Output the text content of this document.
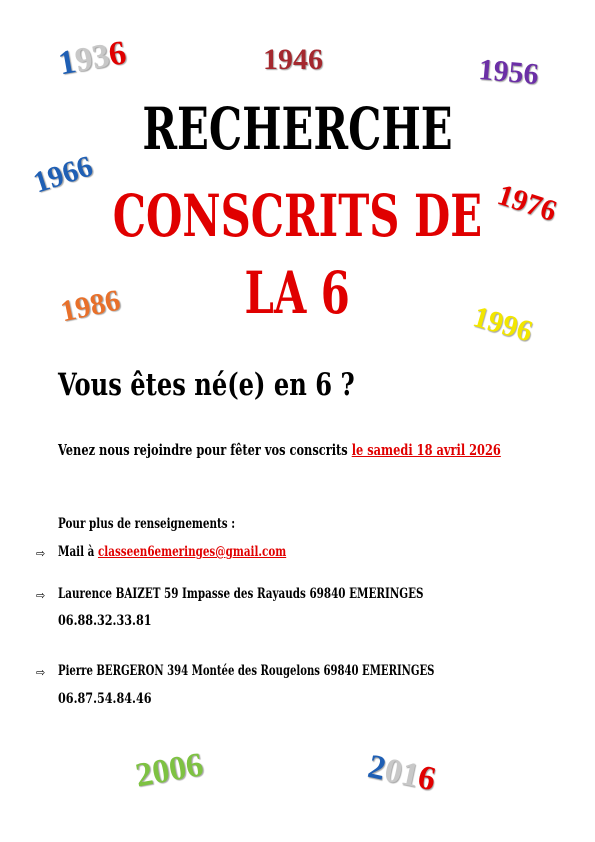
1936	1946	1956
1966
1976
1986	1996
2006	2016
RECHERCHE
CONSCRITS DE
LA 6
Vous êtes né(e) en 6 ?
Venez nous rejoindre pour fêter vos conscrits le samedi 18 avril 2026
Pour plus de renseignements :
⇨ Mail à classeen6emeringes@gmail.com
⇨ Laurence BAIZET 59 Impasse des Rayauds 69840 EMERINGES
06.88.32.33.81
⇨ Pierre BERGERON 394 Montée des Rougelons 69840 EMERINGES
06.87.54.84.46
